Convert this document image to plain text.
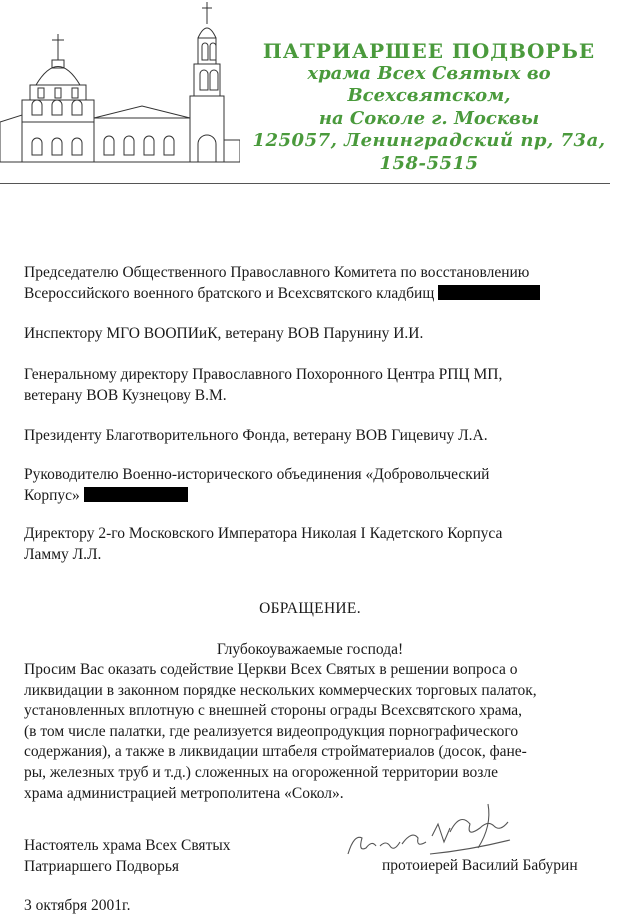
ПАТРИАРШЕЕ ПОДВОРЬЕ
храма Всех Святых во Всехсвятском,
на Соколе г. Москвы
125057, Ленинградский пр, 73а, 158-5515
Председателю Общественного Православного Комитета по восстановлению
Всероссийского военного братского и Всехсвятского кладбищ
Инспектору МГО ВООПИиК, ветерану ВОВ Парунину И.И.
Генеральному директору Православного Похоронного Центра РПЦ МП,
ветерану ВОВ Кузнецову В.М.
Президенту Благотворительного Фонда, ветерану ВОВ Гицевичу Л.А.
Руководителю Военно-исторического объединения «Добровольческий
Корпус»
Директору 2-го Московского Императора Николая I Кадетского Корпуса
Ламму Л.Л.
ОБРАЩЕНИЕ.
Глубокоуважаемые господа!
Просим Вас оказать содействие Церкви Всех Святых в решении вопроса о
ликвидации в законном порядке нескольких коммерческих торговых палаток,
установленных вплотную с внешней стороны ограды Всехсвятского храма,
(в том числе палатки, где реализуется видеопродукция порнографического
содержания), а также в ликвидации штабеля стройматериалов (досок, фане-
ры, железных труб и т.д.) сложенных на огороженной территории возле
храма администрацией метрополитена «Сокол».
Настоятель храма Всех Святых
Патриаршего Подворья	протоиерей Василий Бабурин
3 октября 2001г.
